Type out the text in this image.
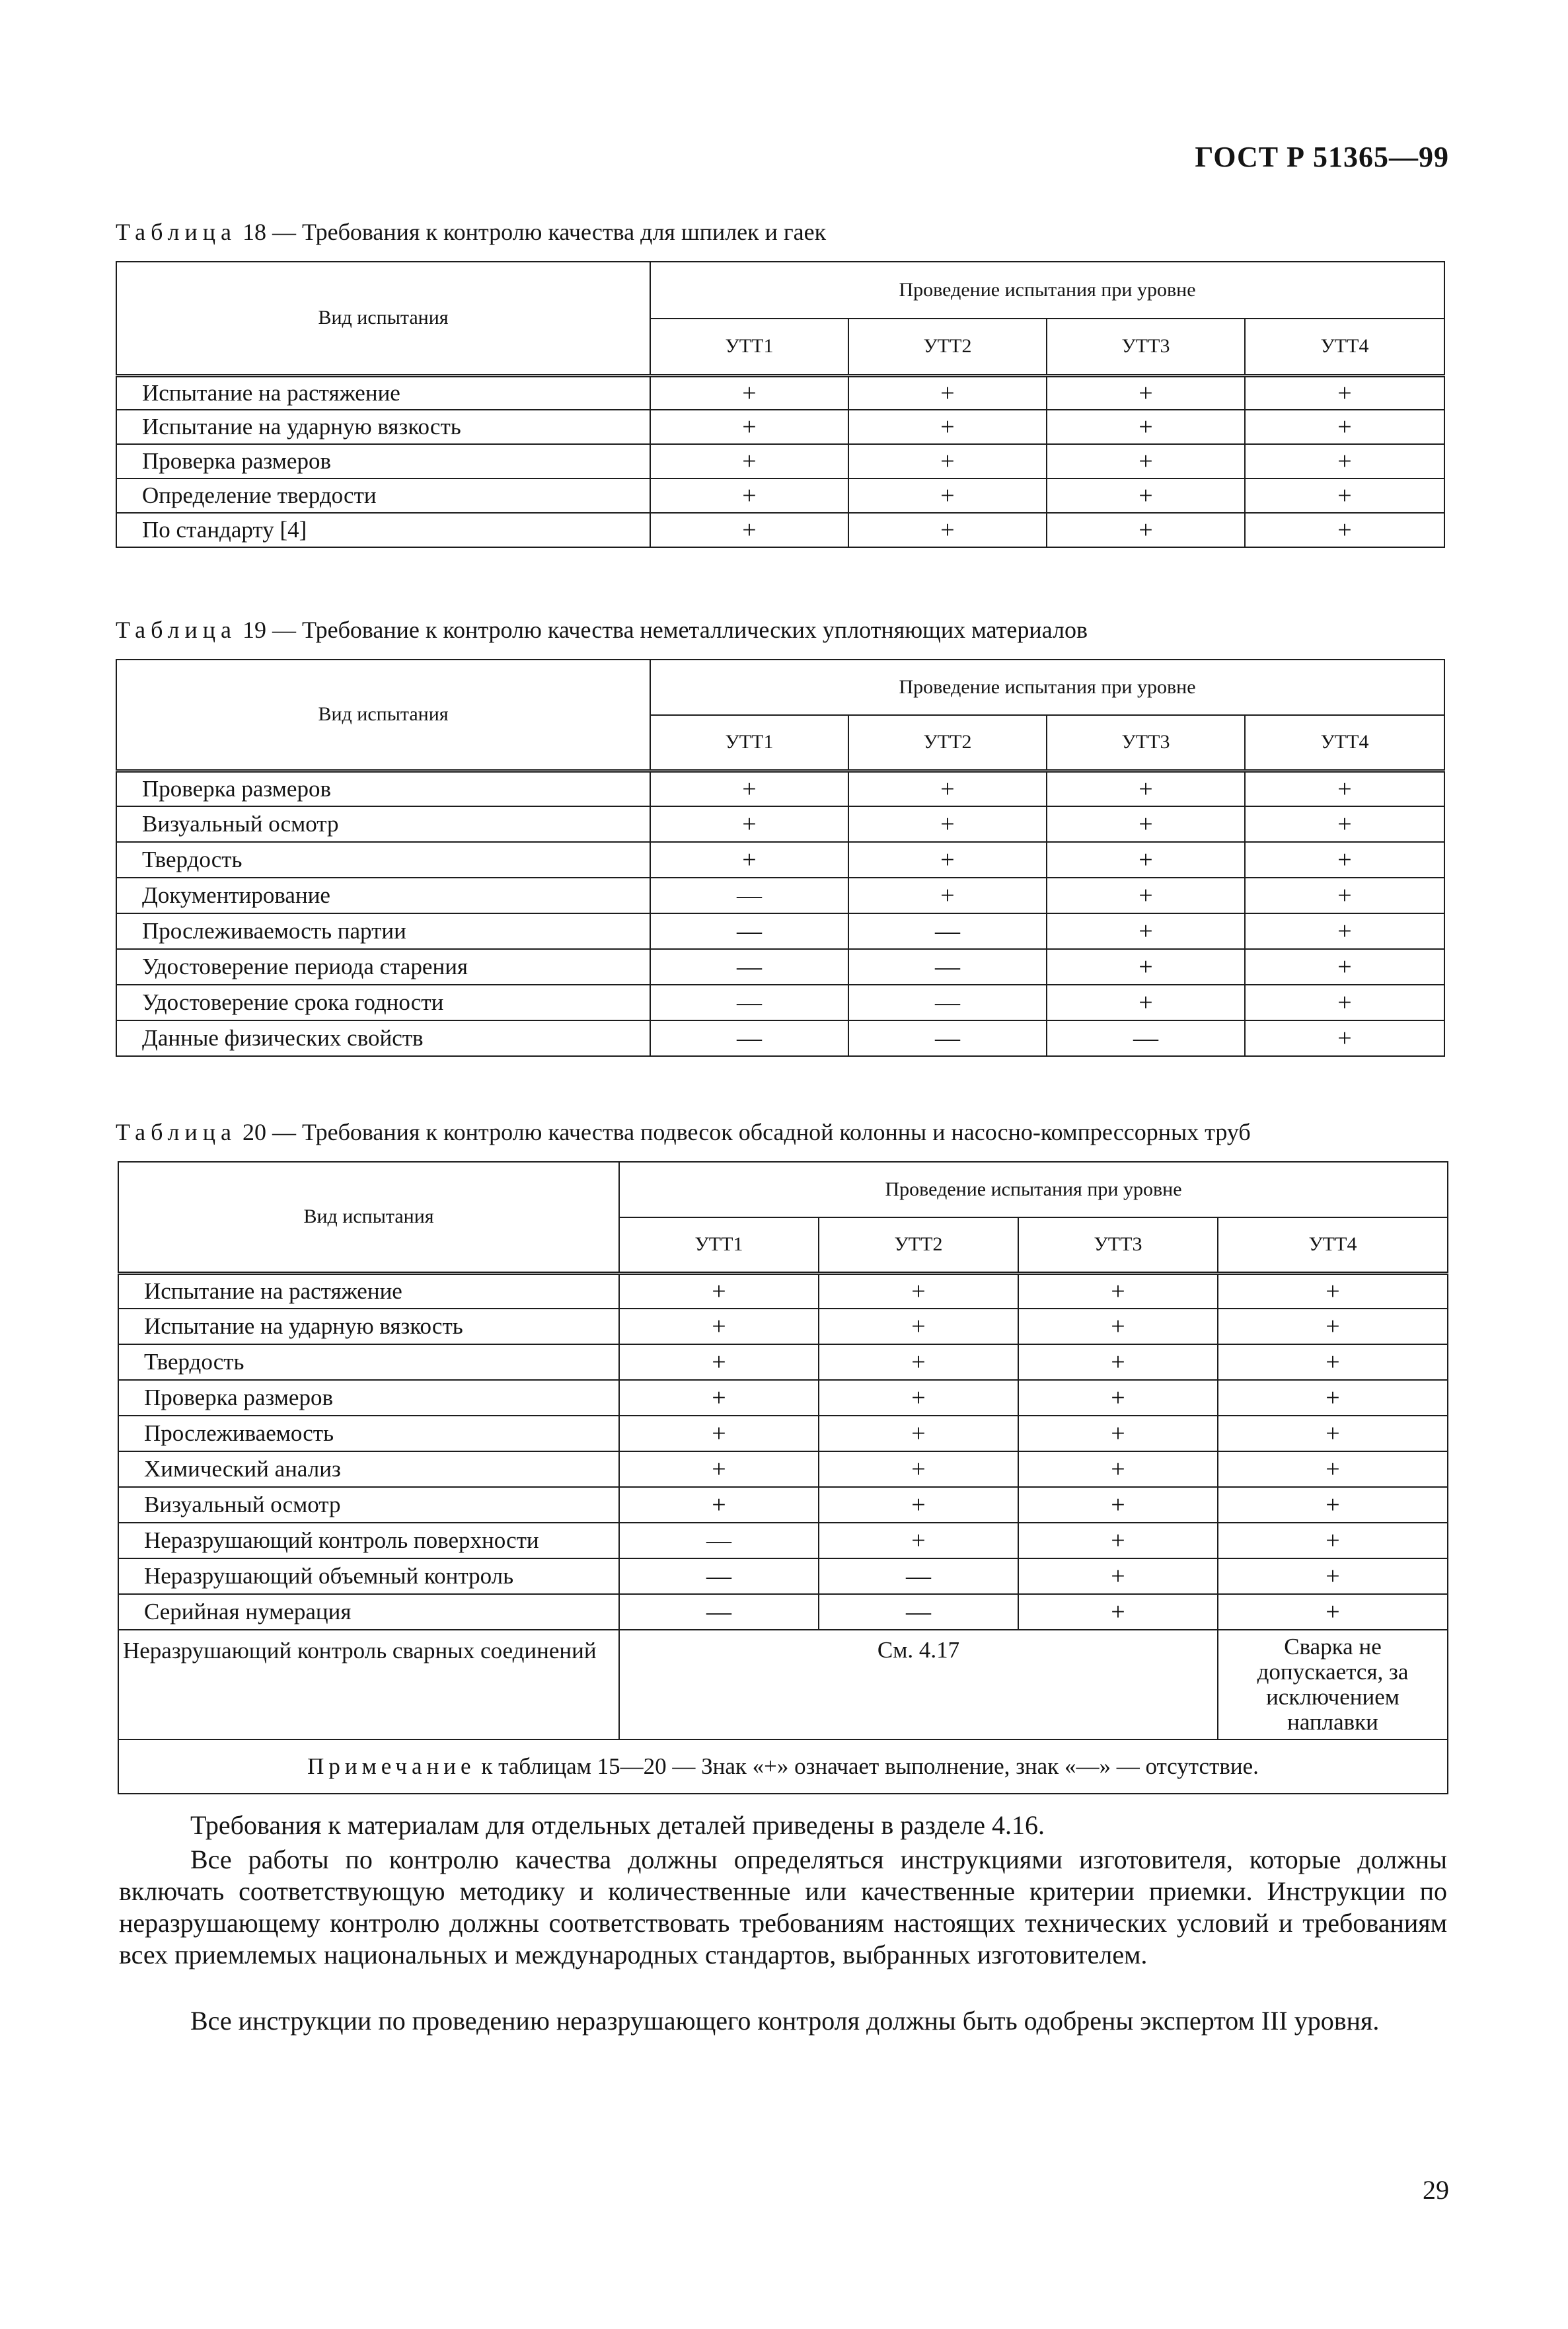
ГОСТ Р 51365—99
Таблица 18 — Требования к контролю качества для шпилек и гаек
Вид испытания	Проведение испытания при уровне			
	УТТ1	УТТ2	УТТ3	УТТ4
Испытание на растяжение	+	+	+	+
Испытание на ударную вязкость	+	+	+	+
Проверка размеров	+	+	+	+
Определение твердости	+	+	+	+
По стандарту [4]	+	+	+	+
Таблица 19 — Требование к контролю качества неметаллических уплотняющих материалов
Вид испытания	Проведение испытания при уровне			
	УТТ1	УТТ2	УТТ3	УТТ4
Проверка размеров	+	+	+	+
Визуальный осмотр	+	+	+	+
Твердость	+	+	+	+
Документирование	—	+	+	+
Прослеживаемость партии	—	—	+	+
Удостоверение периода старения	—	—	+	+
Удостоверение срока годности	—	—	+	+
Данные физических свойств	—	—	—	+
Таблица 20 — Требования к контролю качества подвесок обсадной колонны и насосно-компрессорных труб
Вид испытания	Проведение испытания при уровне			
	УТТ1	УТТ2	УТТ3	УТТ4
Испытание на растяжение	+	+	+	+
Испытание на ударную вязкость	+	+	+	+
Твердость	+	+	+	+
Проверка размеров	+	+	+	+
Прослеживаемость	+	+	+	+
Химический анализ	+	+	+	+
Визуальный осмотр	+	+	+	+
Неразрушающий контроль поверхности	—	+	+	+
Неразрушающий объемный контроль	—	—	+	+
Серийная нумерация	—	—	+	+
Неразрушающий контроль сварных соединений	См. 4.17			Сварка не допускается, за исключением наплавки
Примечание к таблицам 15—20 — Знак «+» означает выполнение, знак «—» — отсутствие.				
Требования к материалам для отдельных деталей приведены в разделе 4.16.
Все работы по контролю качества должны определяться инструкциями изготовителя, которые должны включать соответствующую методику и количественные или качественные критерии приемки. Инструкции по неразрушающему контролю должны соответствовать требованиям настоящих технических условий и требованиям всех приемлемых национальных и международных стандартов, выбранных изготовителем.
Все инструкции по проведению неразрушающего контроля должны быть одобрены экспертом III уровня.
29
